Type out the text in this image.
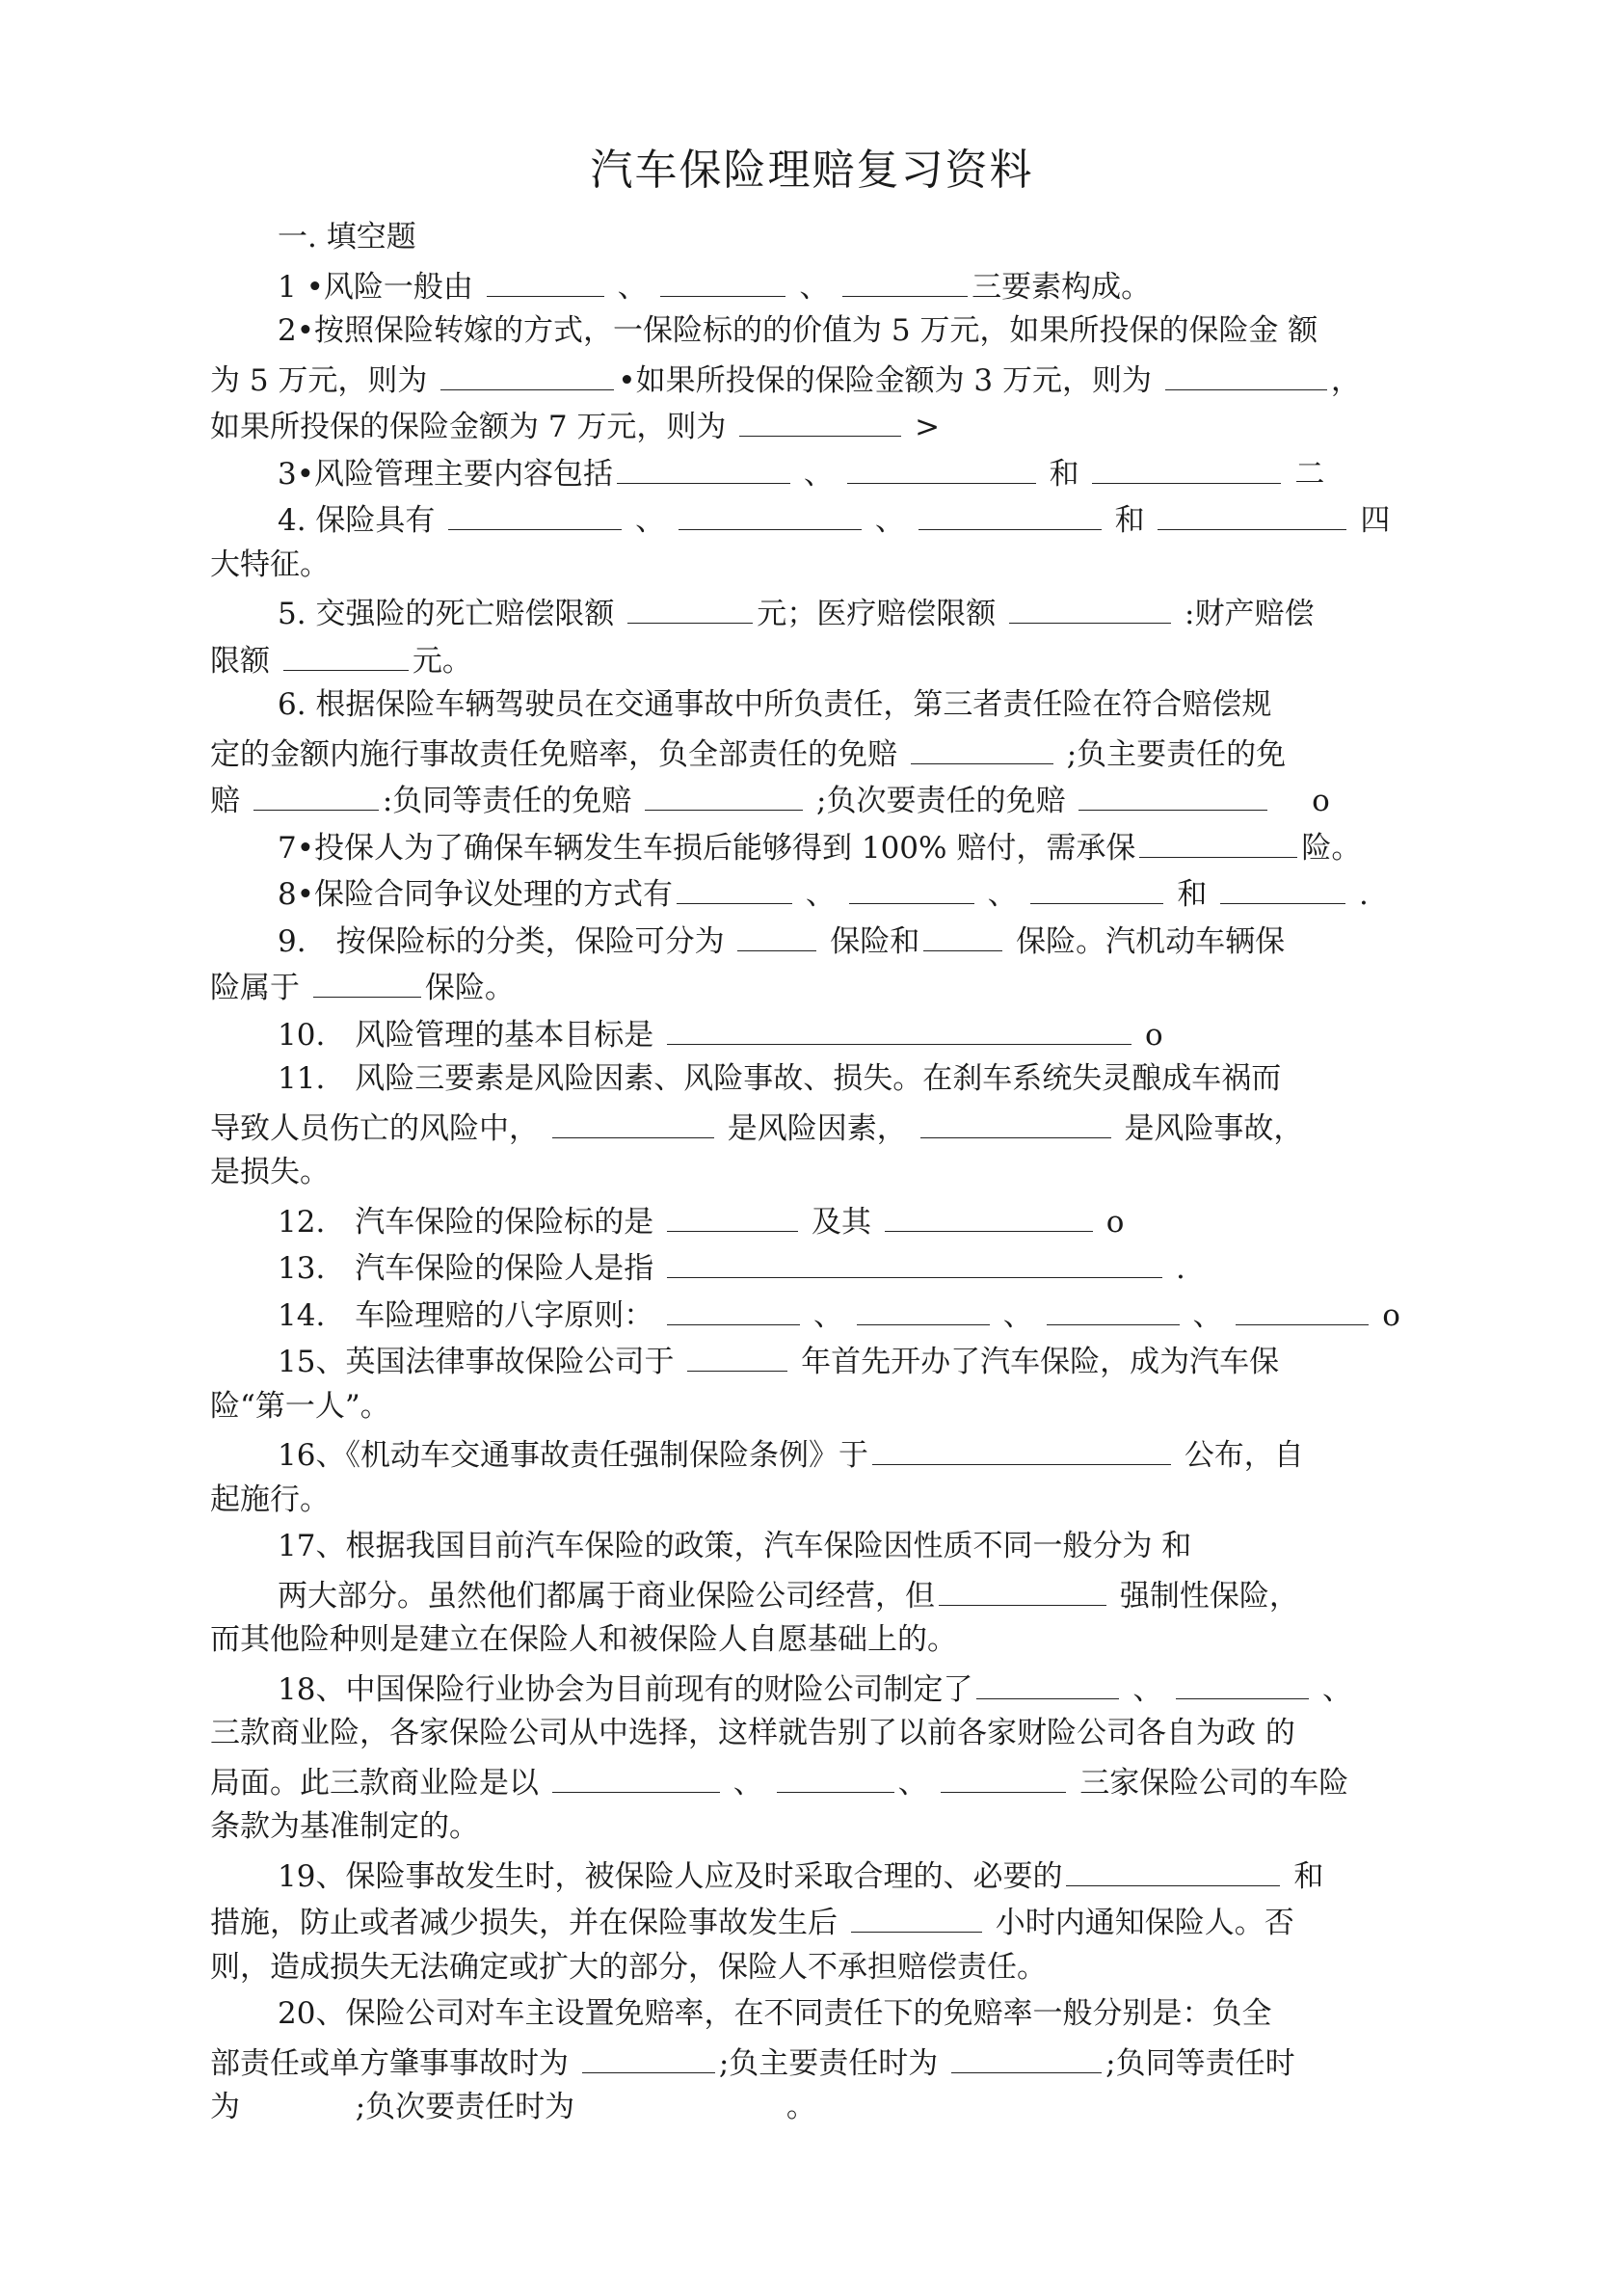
汽车保险理赔复习资料
一. 填空题
1 •风险一般由	、	、	三要素构成。
2•按照保险转嫁的方式，一保险标的的价值为 5 万元，如果所投保的保险金 额
为 5 万元，则为	•如果所投保的保险金额为 3 万元，则为	，
如果所投保的保险金额为 7 万元，则为	>
3•风险管理主要内容包括	、	和	二
4. 保险具有	、	、	和	四
大特征。
5. 交强险的死亡赔偿限额	元；医疗赔偿限额	:财产赔偿
限额	元。
6. 根据保险车辆驾驶员在交通事故中所负责任，第三者责任险在符合赔偿规
定的金额内施行事故责任免赔率，负全部责任的免赔	;负主要责任的免
赔	:负同等责任的免赔	;负次要责任的免赔	o
7•投保人为了确保车辆发生车损后能够得到 100% 赔付，需承保	险。
8•保险合同争议处理的方式有	、	、	和	.
9.　按保险标的分类，保险可分为	保险和	保险。汽机动车辆保
险属于	保险。
10.　风险管理的基本目标是	o
11.　风险三要素是风险因素、风险事故、损失。在刹车系统失灵酿成车祸而
导致人员伤亡的风险中，	是风险因素，	是风险事故，
是损失。
12.　汽车保险的保险标的是	及其	o
13.　汽车保险的保险人是指	.
14.　车险理赔的八字原则：	、	、	、	o
15、英国法律事故保险公司于	年首先开办了汽车保险，成为汽车保
险“第一人”。
16、《机动车交通事故责任强制保险条例》于	公布，自
起施行。
17、根据我国目前汽车保险的政策，汽车保险因性质不同一般分为 和
两大部分。虽然他们都属于商业保险公司经营，但	强制性保险，
而其他险种则是建立在保险人和被保险人自愿基础上的。
18、中国保险行业协会为目前现有的财险公司制定了	、	、
三款商业险，各家保险公司从中选择，这样就告别了以前各家财险公司各自为政 的
局面。此三款商业险是以	、	、	三家保险公司的车险
条款为基准制定的。
19、保险事故发生时，被保险人应及时采取合理的、必要的	和
措施，防止或者减少损失，并在保险事故发生后	小时内通知保险人。否
则，造成损失无法确定或扩大的部分，保险人不承担赔偿责任。
20、保险公司对车主设置免赔率，在不同责任下的免赔率一般分别是：负全
部责任或单方肇事事故时为	;负主要责任时为	;负同等责任时
为	;负次要责任时为	。
